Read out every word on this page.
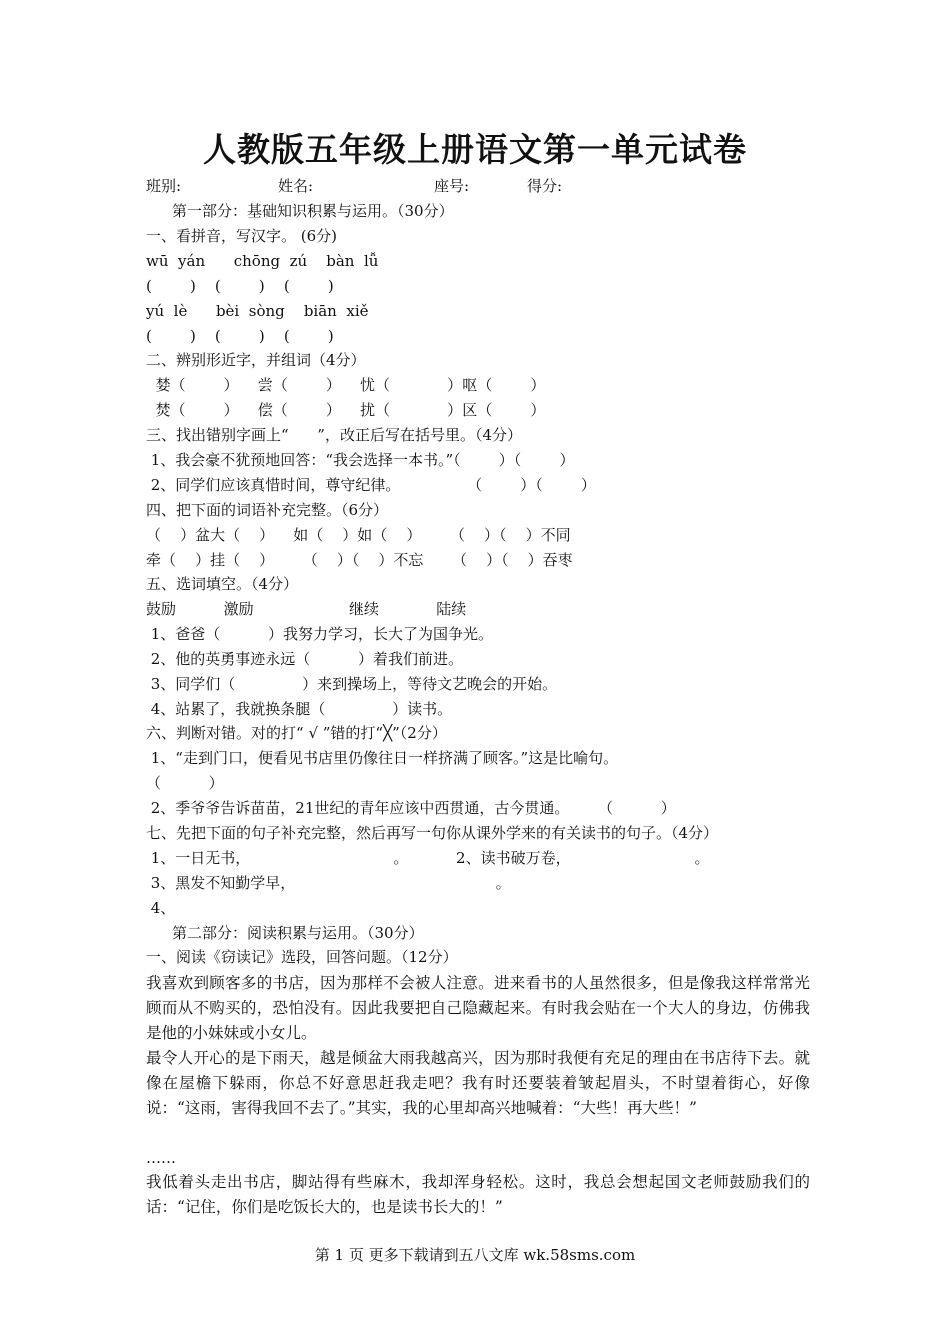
人教版五年级上册语文第一单元试卷
班别:	姓名:	座号:	得分:
第一部分：基础知识积累与运用。（30分）
一、看拼音，写汉字。 (6分)
wū  yán      chōng  zú    bàn  lǚ
(        )    (        )    (        )
yú  lè      bèi  sòng    biān  xiě
(        )    (        )    (        )
二、辨别形近字，并组词（4分）
婪（        ）    尝（        ）    忧（            ）呕（        ）
焚（        ）    偿（        ）    扰（            ）区（        ）
三、找出错别字画上“      ”，改正后写在括号里。（4分）
1、我会豪不犹预地回答：“我会选择一本书。”（        ）（        ）
2、同学们应该真惜时间，尊守纪律。              （        ）（        ）
四、把下面的词语补充完整。（6分）
（    ）盆大（    ）    如（    ）如（    ）      （    ）（    ）不同
牵（    ）挂（    ）      （    ）（    ）不忘      （    ）（    ）吞枣
五、选词填空。（4分）
鼓励          激励                    继续            陆续
1、爸爸（          ）我努力学习，长大了为国争光。
2、他的英勇事迹永远（          ）着我们前进。
3、同学们（              ）来到操场上，等待文艺晚会的开始。
4、站累了，我就换条腿（              ）读书。
六、判断对错。对的打“ √ ”错的打“╳”（2分）
1、“走到门口，便看见书店里仍像往日一样挤满了顾客。”这是比喻句。
（          ）
2、季爷爷告诉苗苗，21世纪的青年应该中西贯通，古今贯通。      （          ）
七、先把下面的句子补充完整，然后再写一句你从课外学来的有关读书的句子。（4分）
1、一日无书，                              。          2、读书破万卷，                          。
3、黑发不知勤学早，                                          。
4、
第二部分：阅读积累与运用。（30分）
一、阅读《窃读记》选段，回答问题。（12分）
我喜欢到顾客多的书店，因为那样不会被人注意。进来看书的人虽然很多，但是像我这样常常光顾而从不购买的，恐怕没有。因此我要把自己隐藏起来。有时我会贴在一个大人的身边，仿佛我是他的小妹妹或小女儿。
最令人开心的是下雨天，越是倾盆大雨我越高兴，因为那时我便有充足的理由在书店待下去。就像在屋檐下躲雨，你总不好意思赶我走吧？我有时还要装着皱起眉头，不时望着街心，好像说：“这雨，害得我回不去了。”其实，我的心里却高兴地喊着：“大些！再大些！”
……
我低着头走出书店，脚站得有些麻木，我却浑身轻松。这时，我总会想起国文老师鼓励我们的话：“记住，你们是吃饭长大的，也是读书长大的！”
第 1 页 更多下载请到五八文库 wk.58sms.com
